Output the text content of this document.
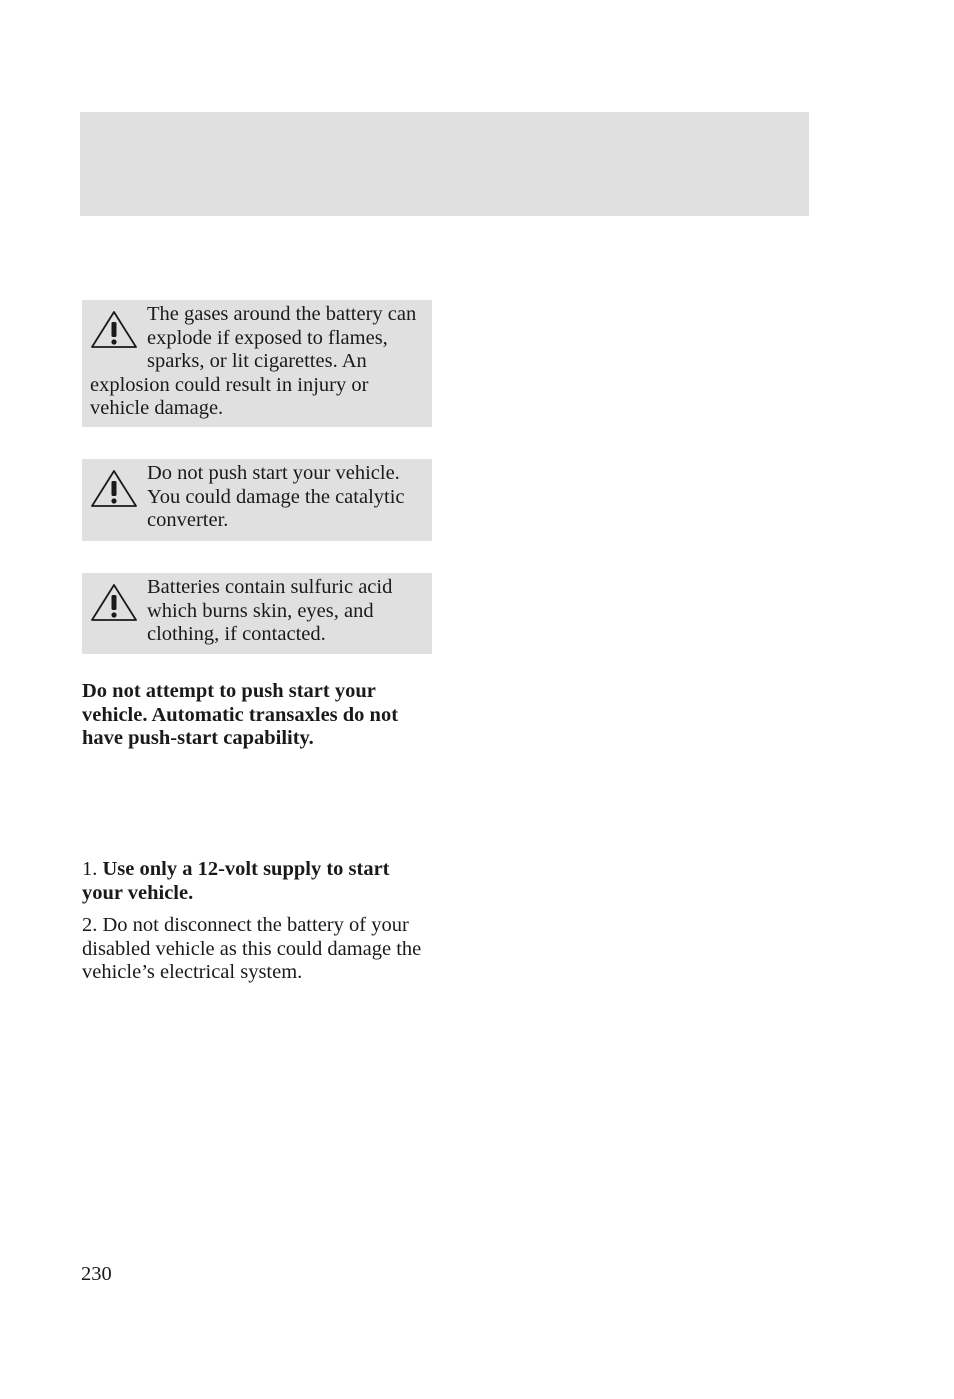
The gases around the battery can explode if exposed to flames, sparks, or lit cigarettes. An explosion could result in injury or vehicle damage.
Do not push start your vehicle. You could damage the catalytic converter.
Batteries contain sulfuric acid which burns skin, eyes, and clothing, if contacted.

Do not attempt to push start your vehicle. Automatic transaxles do not have push-start capability.

1. Use only a 12-volt supply to start your vehicle.

2. Do not disconnect the battery of your disabled vehicle as this could damage the vehicle’s electrical system.

230
